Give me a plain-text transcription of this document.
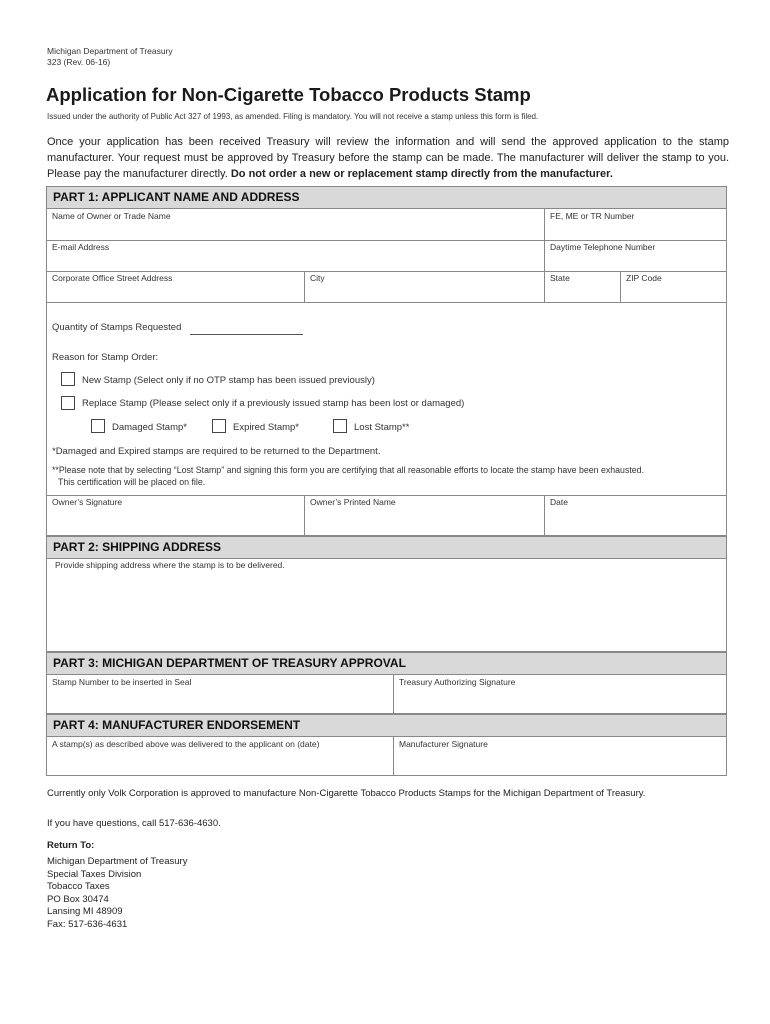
Michigan Department of Treasury
323 (Rev. 06-16)
Application for Non-Cigarette Tobacco Products Stamp
Issued under the authority of Public Act 327 of 1993, as amended. Filing is mandatory. You will not receive a stamp unless this form is filed.
Once your application has been received Treasury will review the information and will send the approved application to the stamp manufacturer. Your request must be approved by Treasury before the stamp can be made. The manufacturer will deliver the stamp to you. Please pay the manufacturer directly. Do not order a new or replacement stamp directly from the manufacturer.
PART 1: APPLICANT NAME AND ADDRESS
Name of Owner or Trade Name	FE, ME or TR Number
E-mail Address	Daytime Telephone Number
Corporate Office Street Address	City	State	ZIP Code
Quantity of Stamps Requested
Reason for Stamp Order:
New Stamp (Select only if no OTP stamp has been issued previously)
Replace Stamp (Please select only if a previously issued stamp has been lost or damaged)
Damaged Stamp*	Expired Stamp*	Lost Stamp**
*Damaged and Expired stamps are required to be returned to the Department.
**Please note that by selecting “Lost Stamp” and signing this form you are certifying that all reasonable efforts to locate the stamp have been exhausted.
This certification will be placed on file.
Owner’s Signature	Owner’s Printed Name	Date
PART 2: SHIPPING ADDRESS
Provide shipping address where the stamp is to be delivered.
PART 3: MICHIGAN DEPARTMENT OF TREASURY APPROVAL
Stamp Number to be inserted in Seal	Treasury Authorizing Signature
PART 4: MANUFACTURER ENDORSEMENT
A stamp(s) as described above was delivered to the applicant on (date)	Manufacturer Signature
Currently only Volk Corporation is approved to manufacture Non-Cigarette Tobacco Products Stamps for the Michigan Department of Treasury.
If you have questions, call 517-636-4630.
Return To:
Michigan Department of Treasury
Special Taxes Division
Tobacco Taxes
PO Box 30474
Lansing MI 48909
Fax: 517-636-4631
